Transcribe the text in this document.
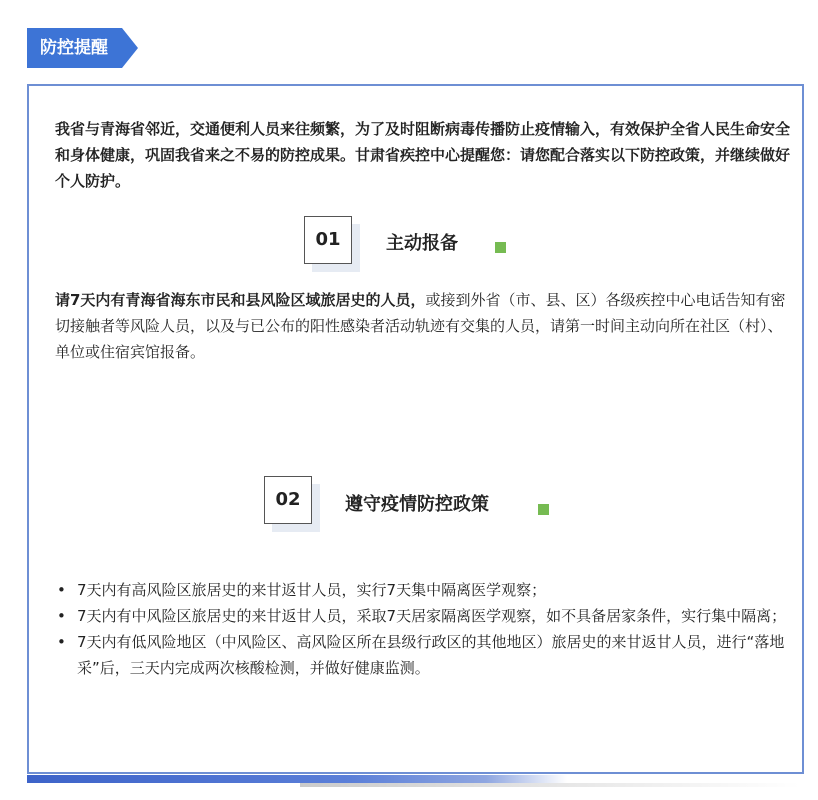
防控提醒
我省与青海省邻近，交通便利人员来往频繁，为了及时阻断病毒传播防止疫情输入，有效保护全省人民生命安全和身体健康，巩固我省来之不易的防控成果。甘肃省疾控中心提醒您：请您配合落实以下防控政策，并继续做好个人防护。
01	主动报备
请7天内有青海省海东市民和县风险区域旅居史的人员，或接到外省（市、县、区）各级疾控中心电话告知有密切接触者等风险人员，以及与已公布的阳性感染者活动轨迹有交集的人员，请第一时间主动向所在社区（村）、单位或住宿宾馆报备。
02	遵守疫情防控政策
• 7天内有高风险区旅居史的来甘返甘人员，实行7天集中隔离医学观察；
• 7天内有中风险区旅居史的来甘返甘人员，采取7天居家隔离医学观察，如不具备居家条件，实行集中隔离；
• 7天内有低风险地区（中风险区、高风险区所在县级行政区的其他地区）旅居史的来甘返甘人员，进行“落地采”后，三天内完成两次核酸检测，并做好健康监测。
